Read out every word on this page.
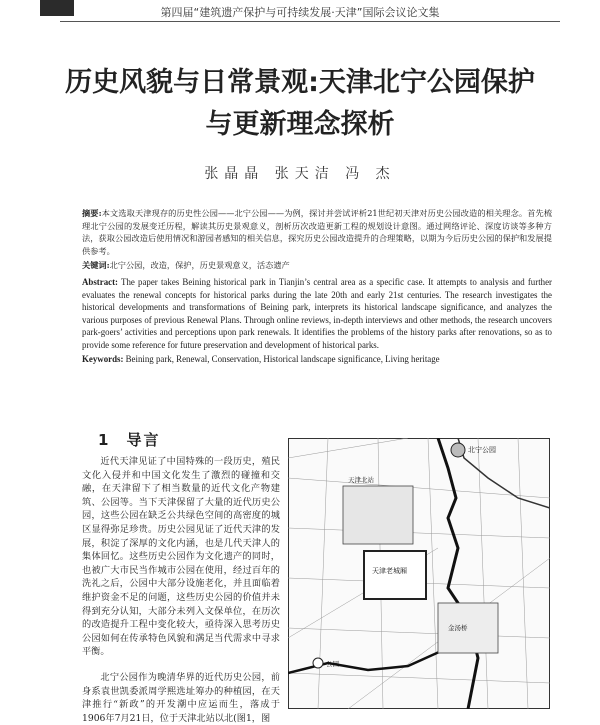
第四届“建筑遗产保护与可持续发展·天津”国际会议论文集
历史风貌与日常景观:天津北宁公园保护
与更新理念探析
张晶晶 张天洁 冯 杰
摘要:本文选取天津现存的历史性公园——北宁公园——为例，探讨并尝试评析21世纪初天津对历史公园改造的相关理念。首先梳理北宁公园的发展变迁历程，解读其历史景观意义，剖析历次改造更新工程的规划设计意图。通过网络评论、深度访谈等多种方法，获取公园改造后使用情况和游园者感知的相关信息，探究历史公园改造提升的合理策略，以期为今后历史公园的保护和发展提供参考。
关键词:北宁公园，改造，保护，历史景观意义，活态遗产
Abstract: The paper takes Beining historical park in Tianjin’s central area as a specific case. It attempts to analysis and further evaluates the renewal concepts for historical parks during the late 20th and early 21st centuries. The research investigates the historical developments and transformations of Beining park, interprets its historical landscape significance, and analyzes the various purposes of previous Renewal Plans. Through online reviews, in-depth interviews and other methods, the research uncovers park-goers’ activities and perceptions upon park renewals. It identifies the problems of the history parks after renovations, so as to provide some reference for future preservation and development of historical parks.
Keywords: Beining park, Renewal, Conservation, Historical landscape significance, Living heritage
1 导言

近代天津见证了中国特殊的一段历史，殖民文化入侵并和中国文化发生了激烈的碰撞和交融，在天津留下了相当数量的近代文化产物建筑、公园等。当下天津保留了大量的近代历史公园，这些公园在缺乏公共绿色空间的高密度的城区显得弥足珍贵。历史公园见证了近代天津的发展，积淀了深厚的文化内涵，也是几代天津人的集体回忆。这些历史公园作为文化遗产的同时，也被广大市民当作城市公园在使用，经过百年的洗礼之后，公园中大部分设施老化，并且面临着维护资金不足的问题，这些历史公园的价值并未得到充分认知，大部分未列入文保单位，在历次的改造提升工程中变化较大，亟待深入思考历史公园如何在传承特色风貌和满足当代需求中寻求平衡。

北宁公园作为晚清华界的近代历史公园，前身系袁世凯委派周学熙选址筹办的种植园，在天津推行“新政”的开发潮中应运而生，落成于1906年7月21日，位于天津北站以北(图1，图

北宁公园
天津北站
天津老城厢
金汤桥
公园
